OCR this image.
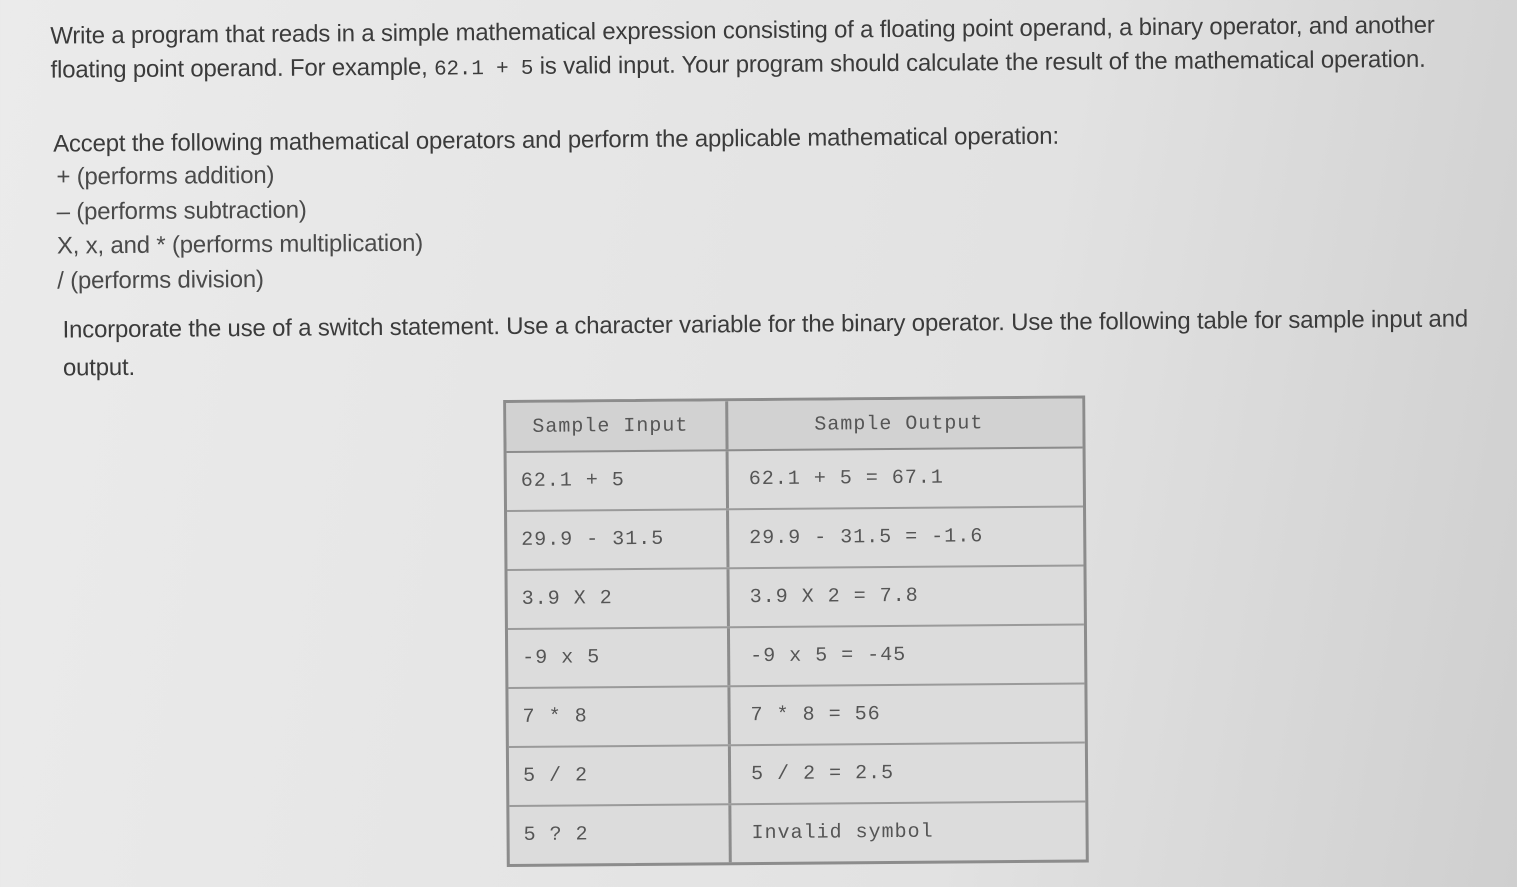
Write a program that reads in a simple mathematical expression consisting of a floating point operand, a binary operator, and another floating point operand. For example, 62.1 + 5 is valid input. Your program should calculate the result of the mathematical operation.
Accept the following mathematical operators and perform the applicable mathematical operation:
+ (performs addition)
– (performs subtraction)
X, x, and * (performs multiplication)
/ (performs division)
Incorporate the use of a switch statement. Use a character variable for the binary operator. Use the following table for sample input and output.
Sample Input	Sample Output
62.1 + 5	62.1 + 5 = 67.1
29.9 - 31.5	29.9 - 31.5 = -1.6
3.9 X 2	3.9 X 2 = 7.8
-9 x 5	-9 x 5 = -45
7 * 8	7 * 8 = 56
5 / 2	5 / 2 = 2.5
5 ? 2	Invalid symbol
